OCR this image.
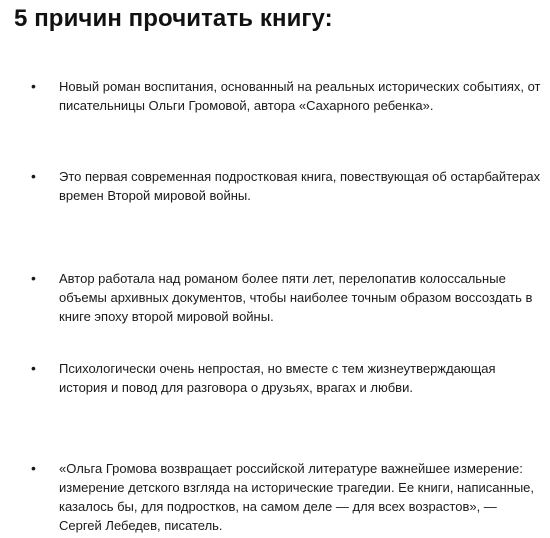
5 причин прочитать книгу:
• Новый роман воспитания, основанный на реальных исторических событиях, от писательницы Ольги Громовой, автора «Сахарного ребенка».

• Это первая современная подростковая книга, повествующая об остарбайтерах времен Второй мировой войны.

• Автор работала над романом более пяти лет, перелопатив колоссальные объемы архивных документов, чтобы наиболее точным образом воссоздать в книге эпоху второй мировой войны.

• Психологически очень непростая, но вместе с тем жизнеутверждающая история и повод для разговора о друзьях, врагах и любви.

• «Ольга Громова возвращает российской литературе важнейшее измерение: измерение детского взгляда на исторические трагедии. Ее книги, написанные, казалось бы, для подростков, на самом деле — для всех возрастов», — Сергей Лебедев, писатель.
